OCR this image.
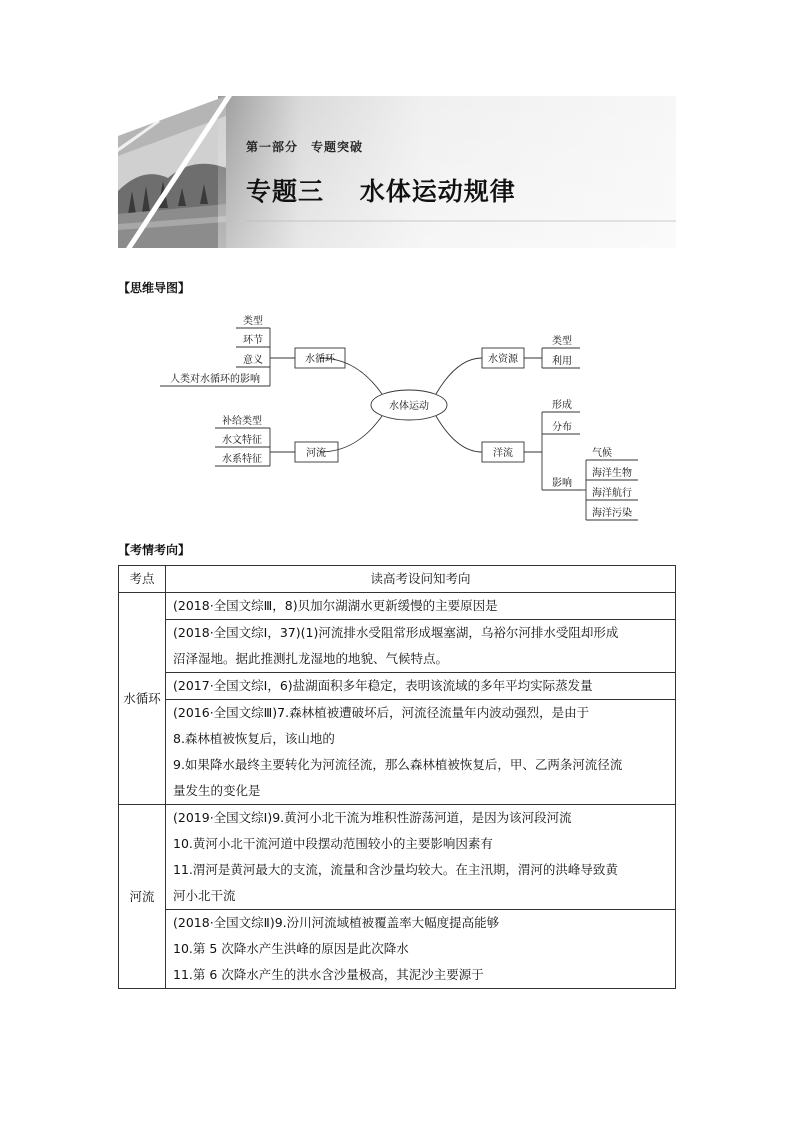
第一部分　专题突破
专题三　 水体运动规律
【思维导图】
水体运动
水循环
类型
环节
意义
人类对水循环的影响
河流
补给类型
水文特征
水系特征
水资源
类型
利用
洋流
形成
分布
影响
气候
海洋生物
海洋航行
海洋污染
【考情考向】
考点	读高考设问知考向
水循环	(2018·全国文综Ⅲ，8)贝加尔湖湖水更新缓慢的主要原因是

	(2018·全国文综Ⅰ，37)(1)河流排水受阻常形成堰塞湖，乌裕尔河排水受阻却形成
沼泽湿地。据此推测扎龙湿地的地貌、气候特点。

	(2017·全国文综Ⅰ，6)盐湖面积多年稳定，表明该流域的多年平均实际蒸发量

	(2016·全国文综Ⅲ)7.森林植被遭破坏后，河流径流量年内波动强烈，是由于
8.森林植被恢复后，该山地的
9.如果降水最终主要转化为河流径流，那么森林植被恢复后，甲、乙两条河流径流
量发生的变化是

河流	(2019·全国文综Ⅰ)9.黄河小北干流为堆积性游荡河道，是因为该河段河流
10.黄河小北干流河道中段摆动范围较小的主要影响因素有
11.渭河是黄河最大的支流，流量和含沙量均较大。在主汛期，渭河的洪峰导致黄
河小北干流

	(2018·全国文综Ⅱ)9.汾川河流域植被覆盖率大幅度提高能够
10.第 5 次降水产生洪峰的原因是此次降水
11.第 6 次降水产生的洪水含沙量极高，其泥沙主要源于
